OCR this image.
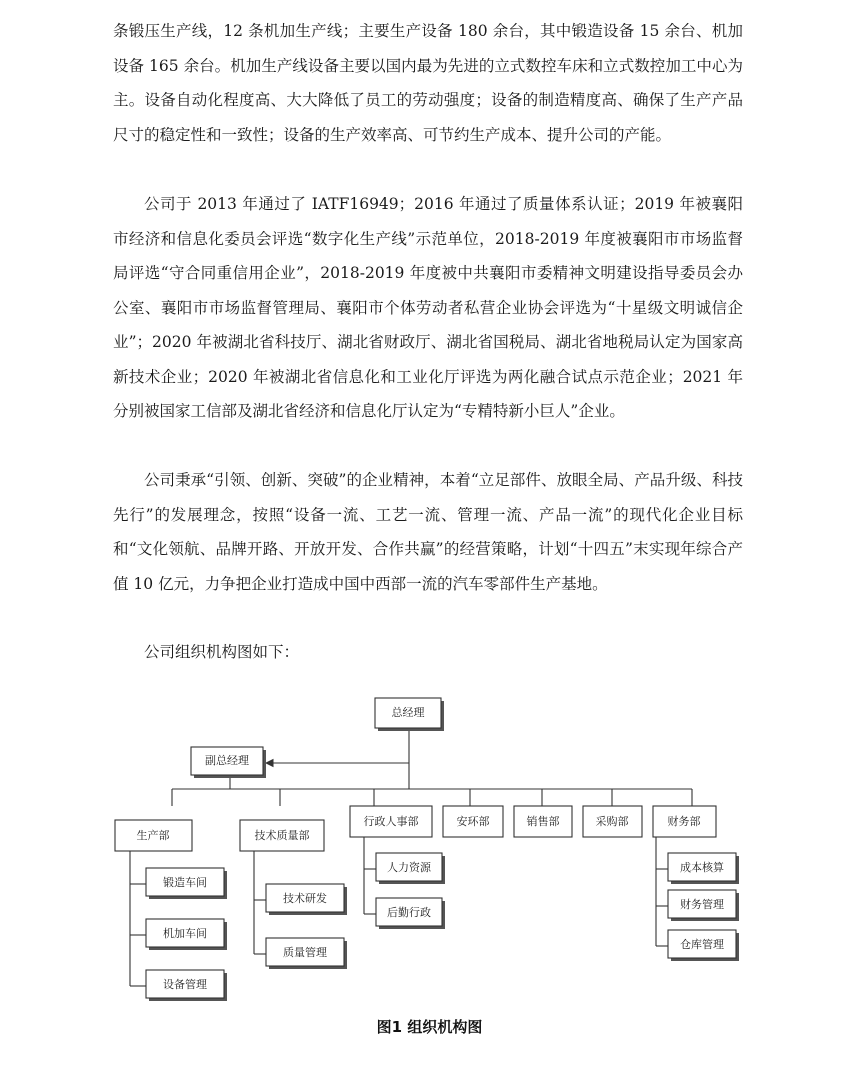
条锻压生产线，12 条机加生产线；主要生产设备 180 余台，其中锻造设备 15 余台、机加设备 165 余台。机加生产线设备主要以国内最为先进的立式数控车床和立式数控加工中心为主。设备自动化程度高、大大降低了员工的劳动强度；设备的制造精度高、确保了生产产品尺寸的稳定性和一致性；设备的生产效率高、可节约生产成本、提升公司的产能。

公司于 2013 年通过了 IATF16949；2016 年通过了质量体系认证；2019 年被襄阳市经济和信息化委员会评选“数字化生产线”示范单位，2018-2019 年度被襄阳市市场监督局评选“守合同重信用企业”，2018-2019 年度被中共襄阳市委精神文明建设指导委员会办公室、襄阳市市场监督管理局、襄阳市个体劳动者私营企业协会评选为“十星级文明诚信企业”；2020 年被湖北省科技厅、湖北省财政厅、湖北省国税局、湖北省地税局认定为国家高新技术企业；2020 年被湖北省信息化和工业化厅评选为两化融合试点示范企业；2021 年分别被国家工信部及湖北省经济和信息化厅认定为“专精特新小巨人”企业。

公司秉承“引领、创新、突破”的企业精神，本着“立足部件、放眼全局、产品升级、科技先行”的发展理念，按照“设备一流、工艺一流、管理一流、产品一流”的现代化企业目标和“文化领航、品牌开路、开放开发、合作共赢”的经营策略，计划“十四五”末实现年综合产值 10 亿元，力争把企业打造成中国中西部一流的汽车零部件生产基地。

公司组织机构图如下：

总经理
副总经理
生产部	技术质量部
行政人事部	安环部	销售部	采购部	财务部
锻造车间
机加车间
设备管理
技术研发
质量管理
人力资源
后勤行政
成本核算
财务管理
仓库管理
图1 组织机构图
